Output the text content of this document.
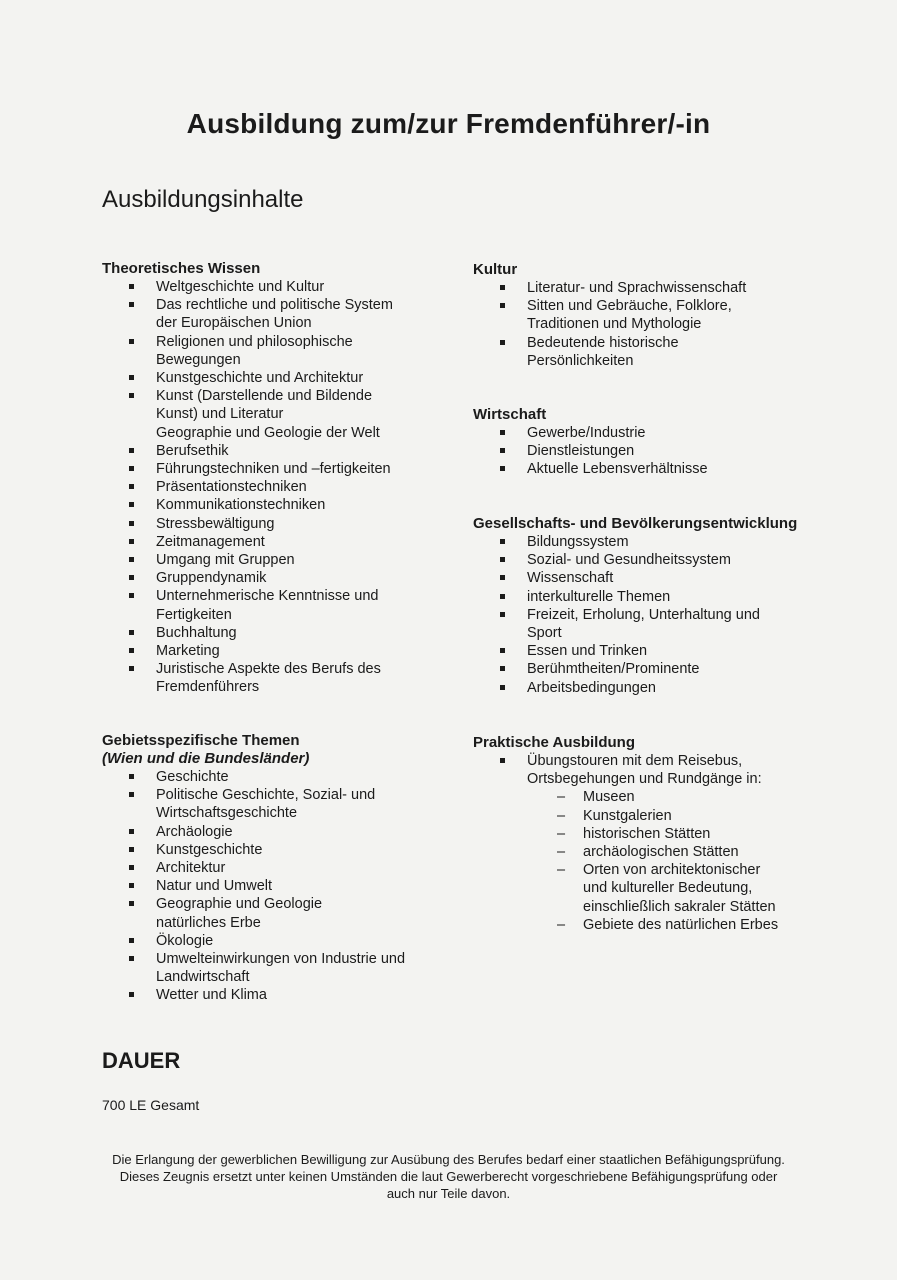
Ausbildung zum/zur Fremdenführer/-in
Ausbildungsinhalte
Theoretisches Wissen
Weltgeschichte und Kultur
Das rechtliche und politische System
der Europäischen Union
Religionen und philosophische
Bewegungen
Kunstgeschichte und Architektur
Kunst (Darstellende und Bildende
Kunst) und Literatur
Geographie und Geologie der Welt
Berufsethik
Führungstechniken und –fertigkeiten
Präsentationstechniken
Kommunikationstechniken
Stressbewältigung
Zeitmanagement
Umgang mit Gruppen
Gruppendynamik
Unternehmerische Kenntnisse und
Fertigkeiten
Buchhaltung
Marketing
Juristische Aspekte des Berufs des
Fremdenführers
Gebietsspezifische Themen
(Wien und die Bundesländer)
Geschichte
Politische Geschichte, Sozial- und
Wirtschaftsgeschichte
Archäologie
Kunstgeschichte
Architektur
Natur und Umwelt
Geographie und Geologie
natürliches Erbe
Ökologie
Umwelteinwirkungen von Industrie und
Landwirtschaft
Wetter und Klima
Kultur
Literatur- und Sprachwissenschaft
Sitten und Gebräuche, Folklore,
Traditionen und Mythologie
Bedeutende historische
Persönlichkeiten
Wirtschaft
Gewerbe/Industrie
Dienstleistungen
Aktuelle Lebensverhältnisse
Gesellschafts- und Bevölkerungsentwicklung
Bildungssystem
Sozial- und Gesundheitssystem
Wissenschaft
interkulturelle Themen
Freizeit, Erholung, Unterhaltung und
Sport
Essen und Trinken
Berühmtheiten/Prominente
Arbeitsbedingungen
Praktische Ausbildung
Übungstouren mit dem Reisebus,
Ortsbegehungen und Rundgänge in:
– Museen
– Kunstgalerien
– historischen Stätten
– archäologischen Stätten
– Orten von architektonischer
und kultureller Bedeutung,
einschließlich sakraler Stätten
– Gebiete des natürlichen Erbes
DAUER
700 LE Gesamt
Die Erlangung der gewerblichen Bewilligung zur Ausübung des Berufes bedarf einer staatlichen Befähigungsprüfung.
Dieses Zeugnis ersetzt unter keinen Umständen die laut Gewerberecht vorgeschriebene Befähigungsprüfung oder
auch nur Teile davon.
